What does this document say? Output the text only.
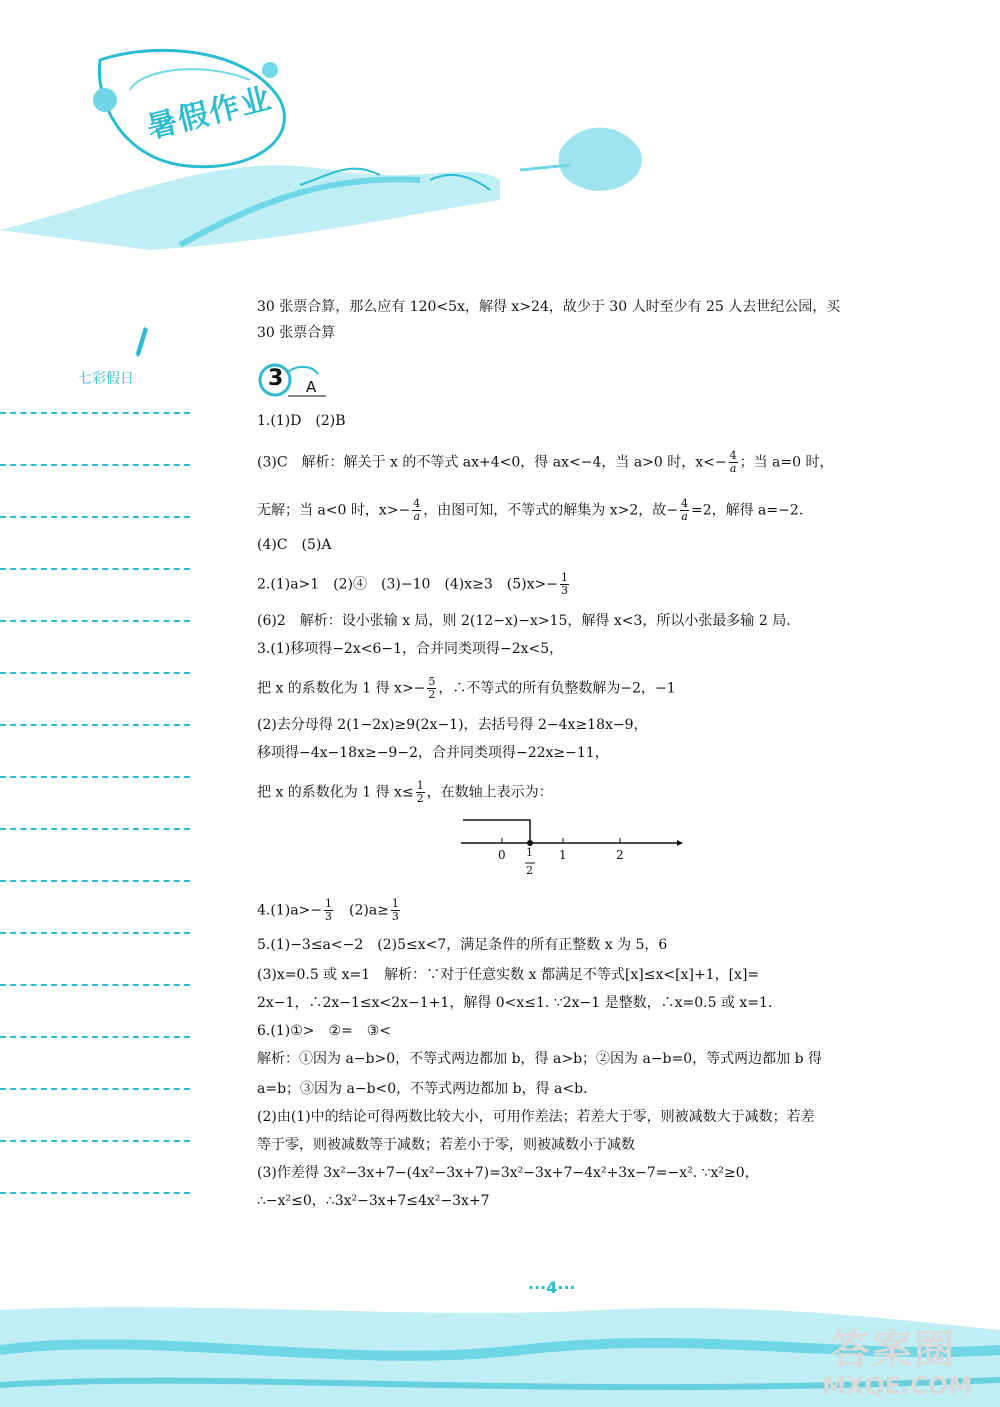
暑假作业
七彩假日
30 张票合算，那么应有 120<5x，解得 x>24，故少于 30 人时至少有 25 人去世纪公园，买
30 张票合算
3 A
1.(1)D　(2)B
(3)C　解析：解关于 x 的不等式 ax+4<0，得 ax<−4，当 a>0 时，$x<- \frac{4}{a}$ ；当 a=0 时，
无解；当 a<0 时，$x>- \frac{4}{a}$ ，由图可知，不等式的解集为 x>2，故− $\frac{4}{a} =2$，解得 a=−2.
(4)C　(5)A
2.(1)a>1　(2)④　(3)−10　(4)x≥3　$(5)x>- \frac{1}{3}$
(6)2　解析：设小张输 x 局，则 2(12−x)−x>15，解得 x<3，所以小张最多输 2 局.
3.(1)移项得−2x<6−1，合并同类项得−2x<5，
把 x 的系数化为 1 得 $x>- \frac{5}{2}$ ，∴不等式的所有负整数解为−2，−1
(2)去分母得 2(1−2x)≥9(2x−1)，去括号得 2−4x≥18x−9，
移项得−4x−18x≥−9−2，合并同类项得−22x≥−11，
把 x 的系数化为 1 得 $x\le \frac{1}{2}$ ，在数轴上表示为：
0 1
2
1	2
$4.(1)a>- \frac{1}{3}$ 　$(2)a\ge \frac{1}{3}$
5.(1)−3≤a<−2　(2)5≤x<7，满足条件的所有正整数 x 为 5，6
(3)x=0.5 或 x=1　解析：∵对于任意实数 x 都满足不等式[x]≤x<[x]+1，[x]=
2x−1，∴2x−1≤x<2x−1+1，解得 0<x≤1. ∵2x−1 是整数，∴x=0.5 或 x=1.
6.(1)①>　②=　③<
解析：①因为 a−b>0，不等式两边都加 b，得 a>b；②因为 a−b=0，等式两边都加 b 得
a=b；③因为 a−b<0，不等式两边都加 b，得 a<b.
(2)由(1)中的结论可得两数比较大小，可用作差法；若差大于零，则被减数大于减数；若差
等于零，则被减数等于减数；若差小于零，则被减数小于减数
(3)作差得 3x²−3x+7−(4x²−3x+7)=3x²−3x+7−4x²+3x−7=−x². ∵x²≥0，
∴−x²≤0，∴3x²−3x+7≤4x²−3x+7
···4···
答案圈
MXQE.COM
